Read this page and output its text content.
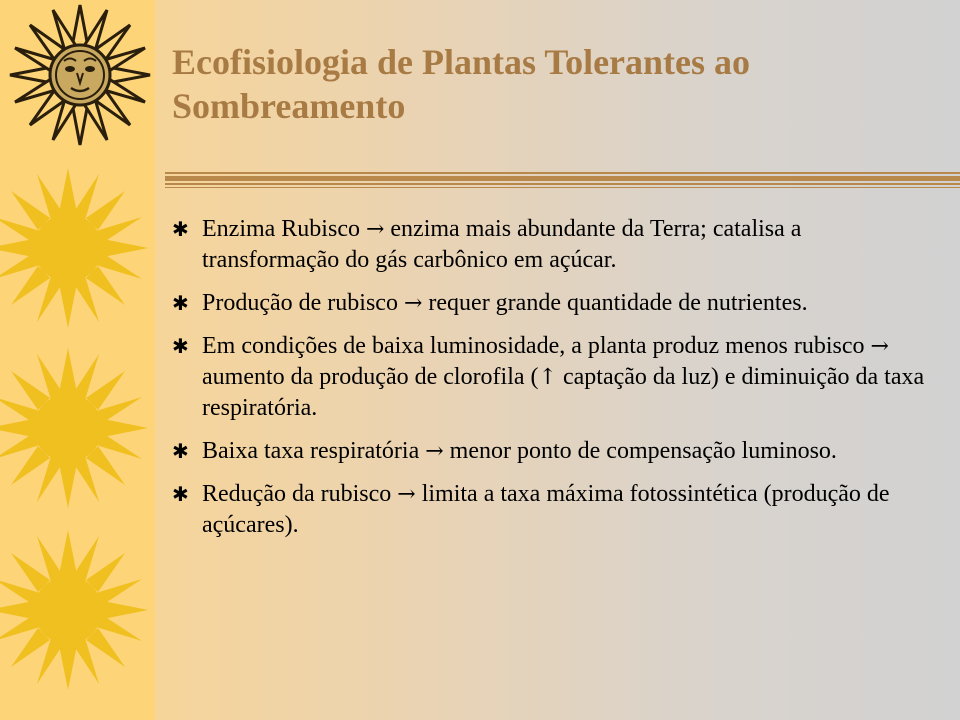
Ecofisiologia de Plantas Tolerantes ao
Sombreamento
✱ Enzima Rubisco → enzima mais abundante da Terra; catalisa a transformação do gás carbônico em açúcar.
✱ Produção de rubisco → requer grande quantidade de nutrientes.
✱ Em condições de baixa luminosidade, a planta produz menos rubisco → aumento da produção de clorofila (↑ captação da luz) e diminuição da taxa respiratória.
✱ Baixa taxa respiratória → menor ponto de compensação luminoso.
✱ Redução da rubisco → limita a taxa máxima fotossintética (produção de açúcares).
